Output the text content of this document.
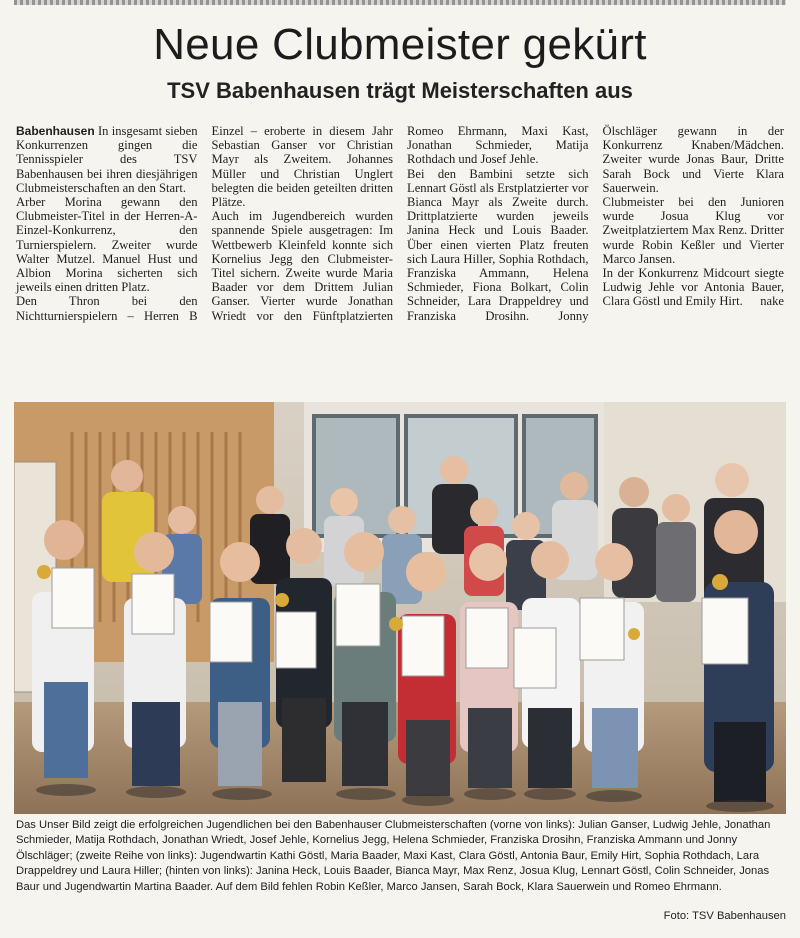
Neue Clubmeister gekürt
TSV Babenhausen trägt Meisterschaften aus

Babenhausen In insgesamt sieben Konkurrenzen gingen die Tennisspieler des TSV Babenhausen bei ihren diesjährigen Clubmeisterschaften an den Start.

Arber Morina gewann den Clubmeister-Titel in der Herren-A-Einzel-Konkurrenz, den Turnierspielern. Zweiter wurde Walter Mutzel. Manuel Hust und Albion Morina sicherten sich jeweils einen dritten Platz.

Den Thron bei den Nichtturnierspielern – Herren B Einzel – eroberte in diesem Jahr Sebastian Ganser vor Christian Mayr als Zweitem. Johannes Müller und Christian Unglert belegten die beiden geteilten dritten Plätze.

Auch im Jugendbereich wurden spannende Spiele ausgetragen: Im Wettbewerb Kleinfeld konnte sich Kornelius Jegg den Clubmeister-Titel sichern. Zweite wurde Maria Baader vor dem Drittem Julian Ganser. Vierter wurde Jonathan Wriedt vor den Fünftplatzierten Romeo Ehrmann, Maxi Kast, Jonathan Schmieder, Matija Rothdach und Josef Jehle.

Bei den Bambini setzte sich Lennart Göstl als Erstplatzierter vor Bianca Mayr als Zweite durch. Drittplatzierte wurden jeweils Janina Heck und Louis Baader. Über einen vierten Platz freuten sich Laura Hiller, Sophia Rothdach, Franziska Ammann, Helena Schmieder, Fiona Bolkart, Colin Schneider, Lara Drappeldrey und Franziska Drosihn. Jonny Ölschläger gewann in der Konkurrenz Knaben/Mädchen. Zweiter wurde Jonas Baur, Dritte Sarah Bock und Vierte Klara Sauerwein.

Clubmeister bei den Junioren wurde Josua Klug vor Zweitplatziertem Max Renz. Dritter wurde Robin Keßler und Vierter Marco Jansen.

In der Konkurrenz Midcourt siegte Ludwig Jehle vor Antonia Bauer, Clara Göstl und Emily Hirt. nake

Das Unser Bild zeigt die erfolgreichen Jugendlichen bei den Babenhauser Clubmeisterschaften (vorne von links): Julian Ganser, Ludwig Jehle, Jonathan Schmieder, Matija Rothdach, Jonathan Wriedt, Josef Jehle, Kornelius Jegg, Helena Schmieder, Franziska Drosihn, Franziska Ammann und Jonny Ölschläger; (zweite Reihe von links): Jugendwartin Kathi Göstl, Maria Baader, Maxi Kast, Clara Göstl, Antonia Baur, Emily Hirt, Sophia Rothdach, Lara Drappeldrey und Laura Hiller; (hinten von links): Janina Heck, Louis Baader, Bianca Mayr, Max Renz, Josua Klug, Lennart Göstl, Colin Schneider, Jonas Baur und Jugendwartin Martina Baader. Auf dem Bild fehlen Robin Keßler, Marco Jansen, Sarah Bock, Klara Sauerwein und Romeo Ehrmann.

Foto: TSV Babenhausen
